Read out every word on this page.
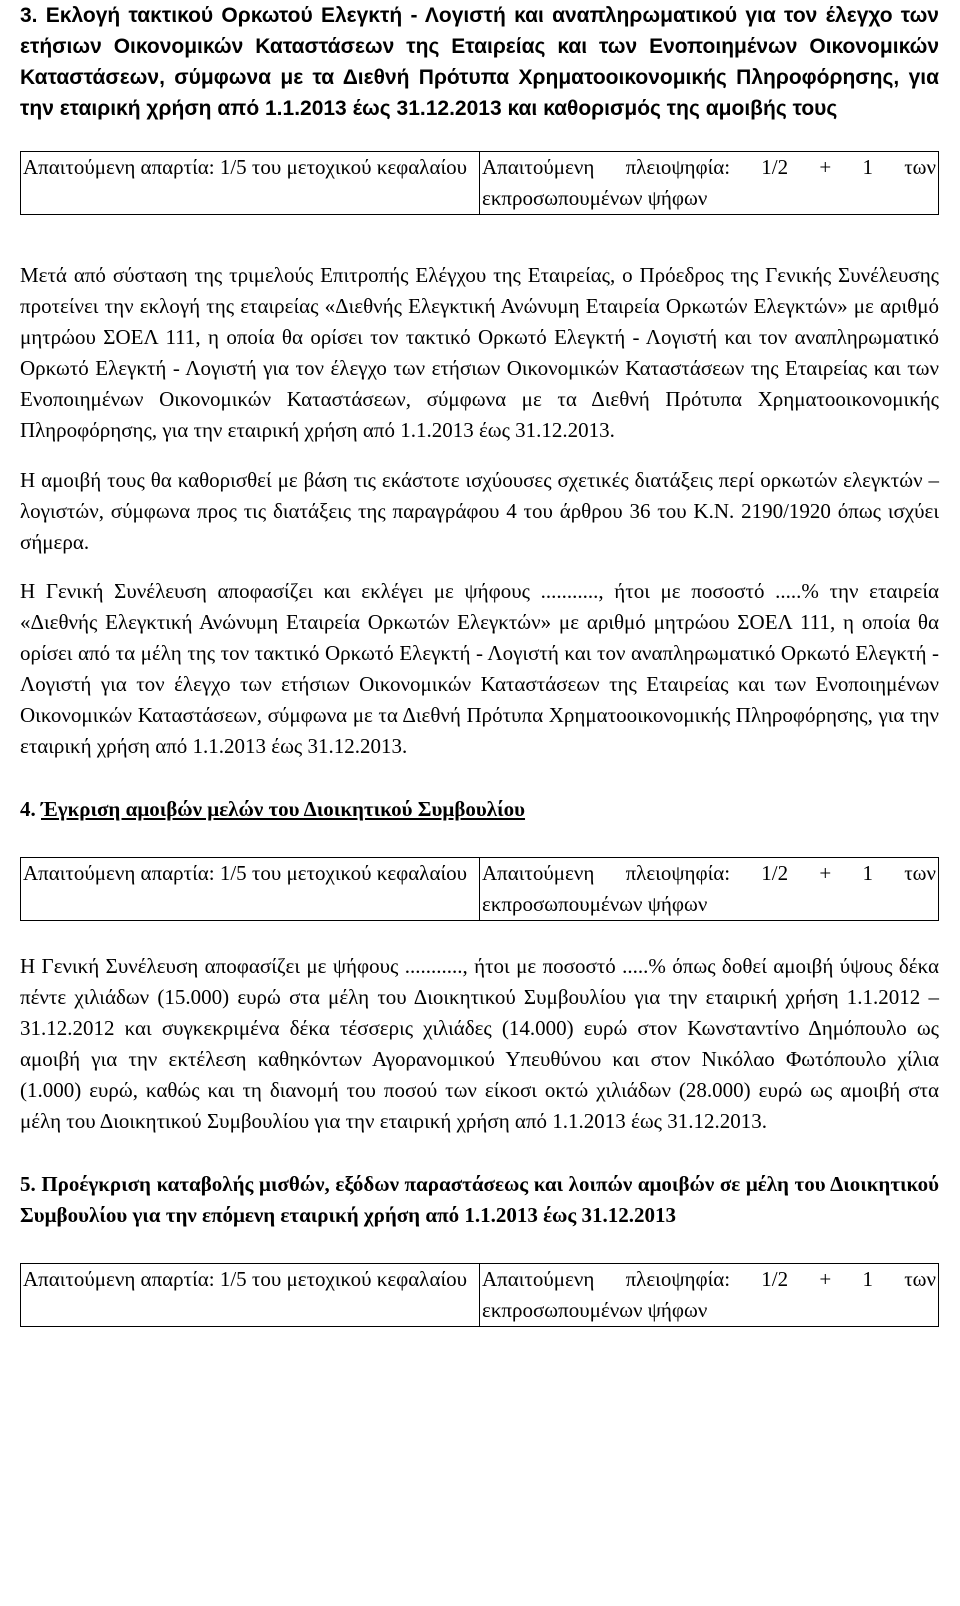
3. Εκλογή τακτικού Ορκωτού Ελεγκτή - Λογιστή και αναπληρωματικού για τον έλεγχο των ετήσιων Οικονομικών Καταστάσεων της Εταιρείας και των Ενοποιημένων Οικονομικών Καταστάσεων, σύμφωνα με τα Διεθνή Πρότυπα Χρηματοοικονομικής Πληροφόρησης, για την εταιρική χρήση από 1.1.2013 έως 31.12.2013 και καθορισμός της αμοιβής τους

Απαιτούμενη απαρτία: 1/5 του μετοχικού κεφαλαίου	Απαιτούμενη πλειοψηφία: 1/2 + 1 των εκπροσωπουμένων ψήφων

Μετά από σύσταση της τριμελούς Επιτροπής Ελέγχου της Εταιρείας, ο Πρόεδρος της Γενικής Συνέλευσης προτείνει την εκλογή της εταιρείας «Διεθνής Ελεγκτική Ανώνυμη Εταιρεία Ορκωτών Ελεγκτών» με αριθμό μητρώου ΣΟΕΛ 111, η οποία θα ορίσει τον τακτικό Ορκωτό Ελεγκτή - Λογιστή και τον αναπληρωματικό Ορκωτό Ελεγκτή - Λογιστή για τον έλεγχο των ετήσιων Οικονομικών Καταστάσεων της Εταιρείας και των Ενοποιημένων Οικονομικών Καταστάσεων, σύμφωνα με τα Διεθνή Πρότυπα Χρηματοοικονομικής Πληροφόρησης, για την εταιρική χρήση από 1.1.2013 έως 31.12.2013.

Η αμοιβή τους θα καθορισθεί με βάση τις εκάστοτε ισχύουσες σχετικές διατάξεις περί ορκωτών ελεγκτών – λογιστών, σύμφωνα προς τις διατάξεις της παραγράφου 4 του άρθρου 36 του Κ.Ν. 2190/1920 όπως ισχύει σήμερα.

Η Γενική Συνέλευση αποφασίζει και εκλέγει με ψήφους ..........., ήτοι με ποσοστό .....% την εταιρεία «Διεθνής Ελεγκτική Ανώνυμη Εταιρεία Ορκωτών Ελεγκτών» με αριθμό μητρώου ΣΟΕΛ 111, η οποία θα ορίσει από τα μέλη της τον τακτικό Ορκωτό Ελεγκτή - Λογιστή και τον αναπληρωματικό Ορκωτό Ελεγκτή - Λογιστή για τον έλεγχο των ετήσιων Οικονομικών Καταστάσεων της Εταιρείας και των Ενοποιημένων Οικονομικών Καταστάσεων, σύμφωνα με τα Διεθνή Πρότυπα Χρηματοοικονομικής Πληροφόρησης, για την εταιρική χρήση από 1.1.2013 έως 31.12.2013.

4. Έγκριση αμοιβών μελών του Διοικητικού Συμβουλίου

Απαιτούμενη απαρτία: 1/5 του μετοχικού κεφαλαίου	Απαιτούμενη πλειοψηφία: 1/2 + 1 των εκπροσωπουμένων ψήφων

Η Γενική Συνέλευση αποφασίζει με ψήφους ..........., ήτοι με ποσοστό .....% όπως δοθεί αμοιβή ύψους δέκα πέντε χιλιάδων (15.000) ευρώ στα μέλη του Διοικητικού Συμβουλίου για την εταιρική χρήση 1.1.2012 – 31.12.2012 και συγκεκριμένα δέκα τέσσερις χιλιάδες (14.000) ευρώ στον Κωνσταντίνο Δημόπουλο ως αμοιβή για την εκτέλεση καθηκόντων Αγορανομικού Υπευθύνου και στον Νικόλαο Φωτόπουλο χίλια (1.000) ευρώ, καθώς και τη διανομή του ποσού των είκοσι οκτώ χιλιάδων (28.000) ευρώ ως αμοιβή στα μέλη του Διοικητικού Συμβουλίου για την εταιρική χρήση από 1.1.2013 έως 31.12.2013.

5. Προέγκριση καταβολής μισθών, εξόδων παραστάσεως και λοιπών αμοιβών σε μέλη του Διοικητικού Συμβουλίου για την επόμενη εταιρική χρήση από 1.1.2013 έως 31.12.2013

Απαιτούμενη απαρτία: 1/5 του μετοχικού κεφαλαίου	Απαιτούμενη πλειοψηφία: 1/2 + 1 των εκπροσωπουμένων ψήφων
